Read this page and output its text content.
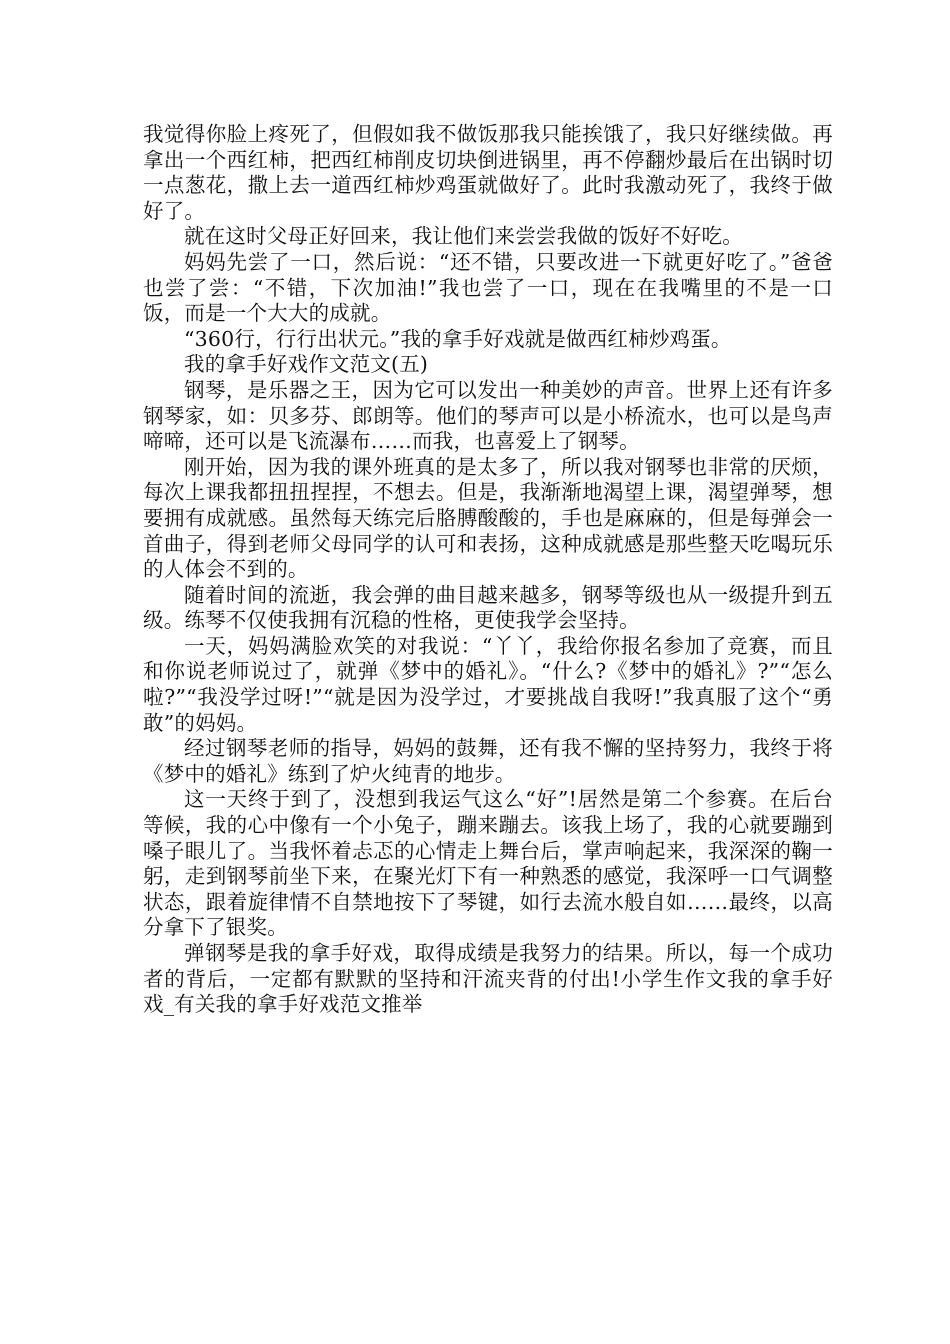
我觉得你脸上疼死了，但假如我不做饭那我只能挨饿了，我只好继续做。再拿出一个西红柿，把西红柿削皮切块倒进锅里，再不停翻炒最后在出锅时切一点葱花，撒上去一道西红柿炒鸡蛋就做好了。此时我激动死了，我终于做好了。

就在这时父母正好回来，我让他们来尝尝我做的饭好不好吃。

妈妈先尝了一口，然后说：“还不错，只要改进一下就更好吃了。”爸爸也尝了尝：“不错，下次加油!”我也尝了一口，现在在我嘴里的不是一口饭，而是一个大大的成就。

“360行，行行出状元。”我的拿手好戏就是做西红柿炒鸡蛋。

我的拿手好戏作文范文(五)

钢琴，是乐器之王，因为它可以发出一种美妙的声音。世界上还有许多钢琴家，如：贝多芬、郎朗等。他们的琴声可以是小桥流水，也可以是鸟声啼啼，还可以是飞流瀑布……而我，也喜爱上了钢琴。

刚开始，因为我的课外班真的是太多了，所以我对钢琴也非常的厌烦，每次上课我都扭扭捏捏，不想去。但是，我渐渐地渴望上课，渴望弹琴，想要拥有成就感。虽然每天练完后胳膊酸酸的，手也是麻麻的，但是每弹会一首曲子，得到老师父母同学的认可和表扬，这种成就感是那些整天吃喝玩乐的人体会不到的。

随着时间的流逝，我会弹的曲目越来越多，钢琴等级也从一级提升到五级。练琴不仅使我拥有沉稳的性格，更使我学会坚持。

一天，妈妈满脸欢笑的对我说：“丫丫，我给你报名参加了竞赛，而且和你说老师说过了，就弹《梦中的婚礼》。“什么?《梦中的婚礼》?”“怎么啦?”“我没学过呀!”“就是因为没学过，才要挑战自我呀!”我真服了这个“勇敢”的妈妈。

经过钢琴老师的指导，妈妈的鼓舞，还有我不懈的坚持努力，我终于将《梦中的婚礼》练到了炉火纯青的地步。

这一天终于到了，没想到我运气这么“好”!居然是第二个参赛。在后台等候，我的心中像有一个小兔子，蹦来蹦去。该我上场了，我的心就要蹦到嗓子眼儿了。当我怀着忐忑的心情走上舞台后，掌声响起来，我深深的鞠一躬，走到钢琴前坐下来，在聚光灯下有一种熟悉的感觉，我深呼一口气调整状态，跟着旋律情不自禁地按下了琴键，如行去流水般自如……最终，以高分拿下了银奖。

弹钢琴是我的拿手好戏，取得成绩是我努力的结果。所以，每一个成功者的背后，一定都有默默的坚持和汗流夹背的付出!小学生作文我的拿手好戏_有关我的拿手好戏范文推举
